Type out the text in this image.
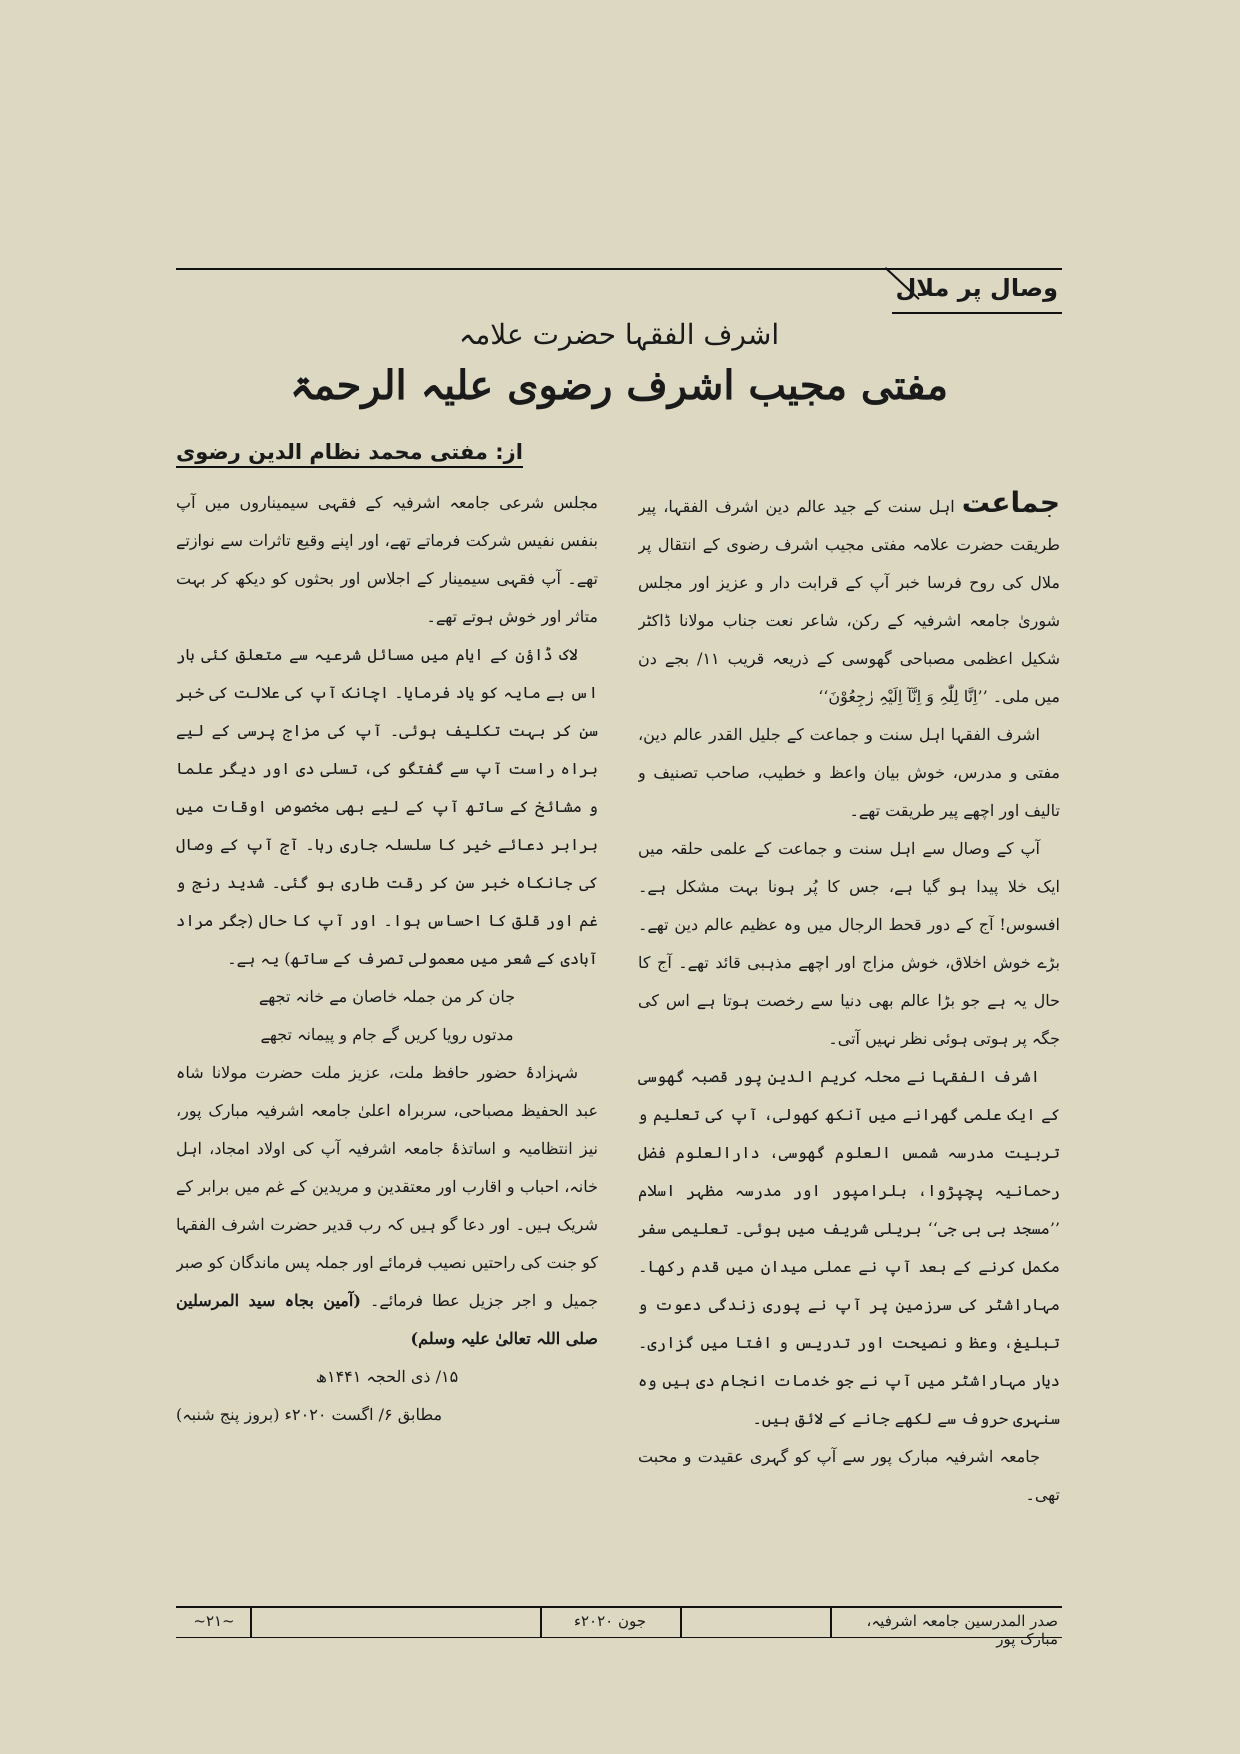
وصال پر ملال
اشرف الفقہا حضرت علامہ
مفتی مجیب اشرف رضوی علیہ الرحمۃ
از: مفتی محمد نظام الدین رضوی

جماعت اہل سنت کے جید عالم دین اشرف الفقہا، پیر طریقت حضرت علامہ مفتی مجیب اشرف رضوی کے انتقال پر ملال کی روح فرسا خبر آپ کے قرابت دار و عزیز اور مجلس شوریٰ جامعہ اشرفیہ کے رکن، شاعر نعت جناب مولانا ڈاکٹر شکیل اعظمی مصباحی گھوسی کے ذریعہ قریب ۱۱/ بجے دن میں ملی۔ ’’اِنَّا لِلّٰہِ وَ اِنَّآ اِلَیْہِ رٰجِعُوْنَ‘‘

اشرف الفقہا اہل سنت و جماعت کے جلیل القدر عالم دین، مفتی و مدرس، خوش بیان واعظ و خطیب، صاحب تصنیف و تالیف اور اچھے پیر طریقت تھے۔

آپ کے وصال سے اہل سنت و جماعت کے علمی حلقہ میں ایک خلا پیدا ہو گیا ہے، جس کا پُر ہونا بہت مشکل ہے۔ افسوس! آج کے دور قحط الرجال میں وہ عظیم عالم دین تھے۔ بڑے خوش اخلاق، خوش مزاج اور اچھے مذہبی قائد تھے۔ آج کا حال یہ ہے جو بڑا عالم بھی دنیا سے رخصت ہوتا ہے اس کی جگہ پر ہوتی ہوئی نظر نہیں آتی۔

اشرف الفقہا نے محلہ کریم الدین پور قصبہ گھوسی کے ایک علمی گھرانے میں آنکھ کھولی، آپ کی تعلیم و تربیت مدرسہ شمس العلوم گھوسی، دارالعلوم فضل رحمانیہ پچپڑوا، بلرامپور اور مدرسہ مظہر اسلام ’’مسجد بی بی جی‘‘ بریلی شریف میں ہوئی۔ تعلیمی سفر مکمل کرنے کے بعد آپ نے عملی میدان میں قدم رکھا۔ مہاراشٹر کی سرزمین پر آپ نے پوری زندگی دعوت و تبلیغ، وعظ و نصیحت اور تدریس و افتا میں گزاری۔ دیار مہاراشٹر میں آپ نے جو خدمات انجام دی ہیں وہ سنہری حروف سے لکھے جانے کے لائق ہیں۔

جامعہ اشرفیہ مبارک پور سے آپ کو گہری عقیدت و محبت تھی۔

مجلس شرعی جامعہ اشرفیہ کے فقہی سیمیناروں میں آپ بنفس نفیس شرکت فرماتے تھے، اور اپنے وقیع تاثرات سے نوازتے تھے۔ آپ فقہی سیمینار کے اجلاس اور بحثوں کو دیکھ کر بہت متاثر اور خوش ہوتے تھے۔

لاک ڈاؤن کے ایام میں مسائل شرعیہ سے متعلق کئی بار اس بے مایہ کو یاد فرمایا۔ اچانک آپ کی علالت کی خبر سن کر بہت تکلیف ہوئی۔ آپ کی مزاج پرسی کے لیے براہ راست آپ سے گفتگو کی، تسلی دی اور دیگر علما و مشائخ کے ساتھ آپ کے لیے بھی مخصوص اوقات میں برابر دعائے خیر کا سلسلہ جاری رہا۔ آج آپ کے وصال کی جانکاہ خبر سن کر رقت طاری ہو گئی۔ شدید رنج و غم اور قلق کا احساس ہوا۔ اور آپ کا حال (جگر مراد آبادی کے شعر میں معمولی تصرف کے ساتھ) یہ ہے۔

جان کر من جملہ خاصان مے خانہ تجھے

مدتوں رویا کریں گے جام و پیمانہ تجھے

شہزادۂ حضور حافظ ملت، عزیز ملت حضرت مولانا شاہ عبد الحفیظ مصباحی، سربراہ اعلیٰ جامعہ اشرفیہ مبارک پور، نیز انتظامیہ و اساتذۂ جامعہ اشرفیہ آپ کی اولاد امجاد، اہل خانہ، احباب و اقارب اور معتقدین و مریدین کے غم میں برابر کے شریک ہیں۔ اور دعا گو ہیں کہ رب قدیر حضرت اشرف الفقہا کو جنت کی راحتیں نصیب فرمائے اور جملہ پس ماندگان کو صبر جمیل و اجر جزیل عطا فرمائے۔ (آمین بجاہ سید المرسلین صلی اللہ تعالیٰ علیہ وسلم)

۱۵/ ذی الحجہ ۱۴۴۱ھ
مطابق ۶/ اگست ۲۰۲۰ء (بروز پنج شنبہ)

صدر المدرسین جامعہ اشرفیہ، مبارک پور
جون ۲۰۲۰ء
~۲۱~
